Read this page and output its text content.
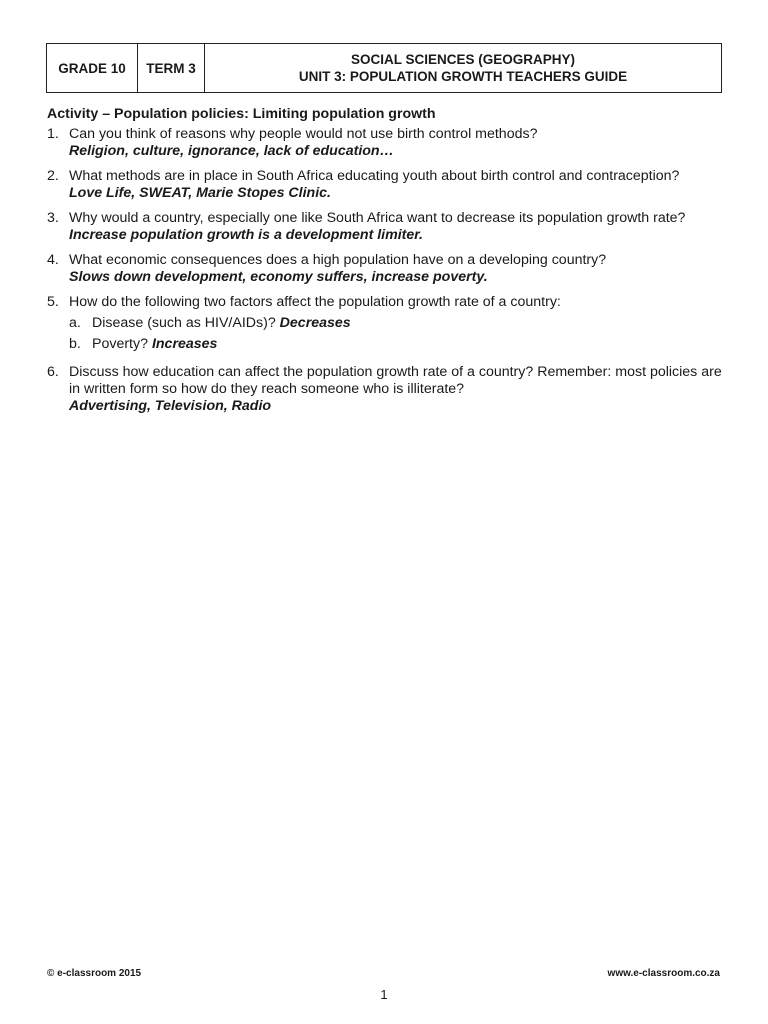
GRADE 10	TERM 3
SOCIAL SCIENCES (GEOGRAPHY)
UNIT 3: POPULATION GROWTH TEACHERS GUIDE
Activity – Population policies: Limiting population growth
1. Can you think of reasons why people would not use birth control methods?
Religion, culture, ignorance, lack of education…
2. What methods are in place in South Africa educating youth about birth control and contraception?
Love Life, SWEAT, Marie Stopes Clinic.
3. Why would a country, especially one like South Africa want to decrease its population growth rate?
Increase population growth is a development limiter.
4. What economic consequences does a high population have on a developing country?
Slows down development, economy suffers, increase poverty.
5. How do the following two factors affect the population growth rate of a country:
a. Disease (such as HIV/AIDs)? Decreases
b. Poverty? Increases
6. Discuss how education can affect the population growth rate of a country? Remember: most policies are in written form so how do they reach someone who is illiterate?
Advertising, Television, Radio
© e-classroom 2015	www.e-classroom.co.za
1
